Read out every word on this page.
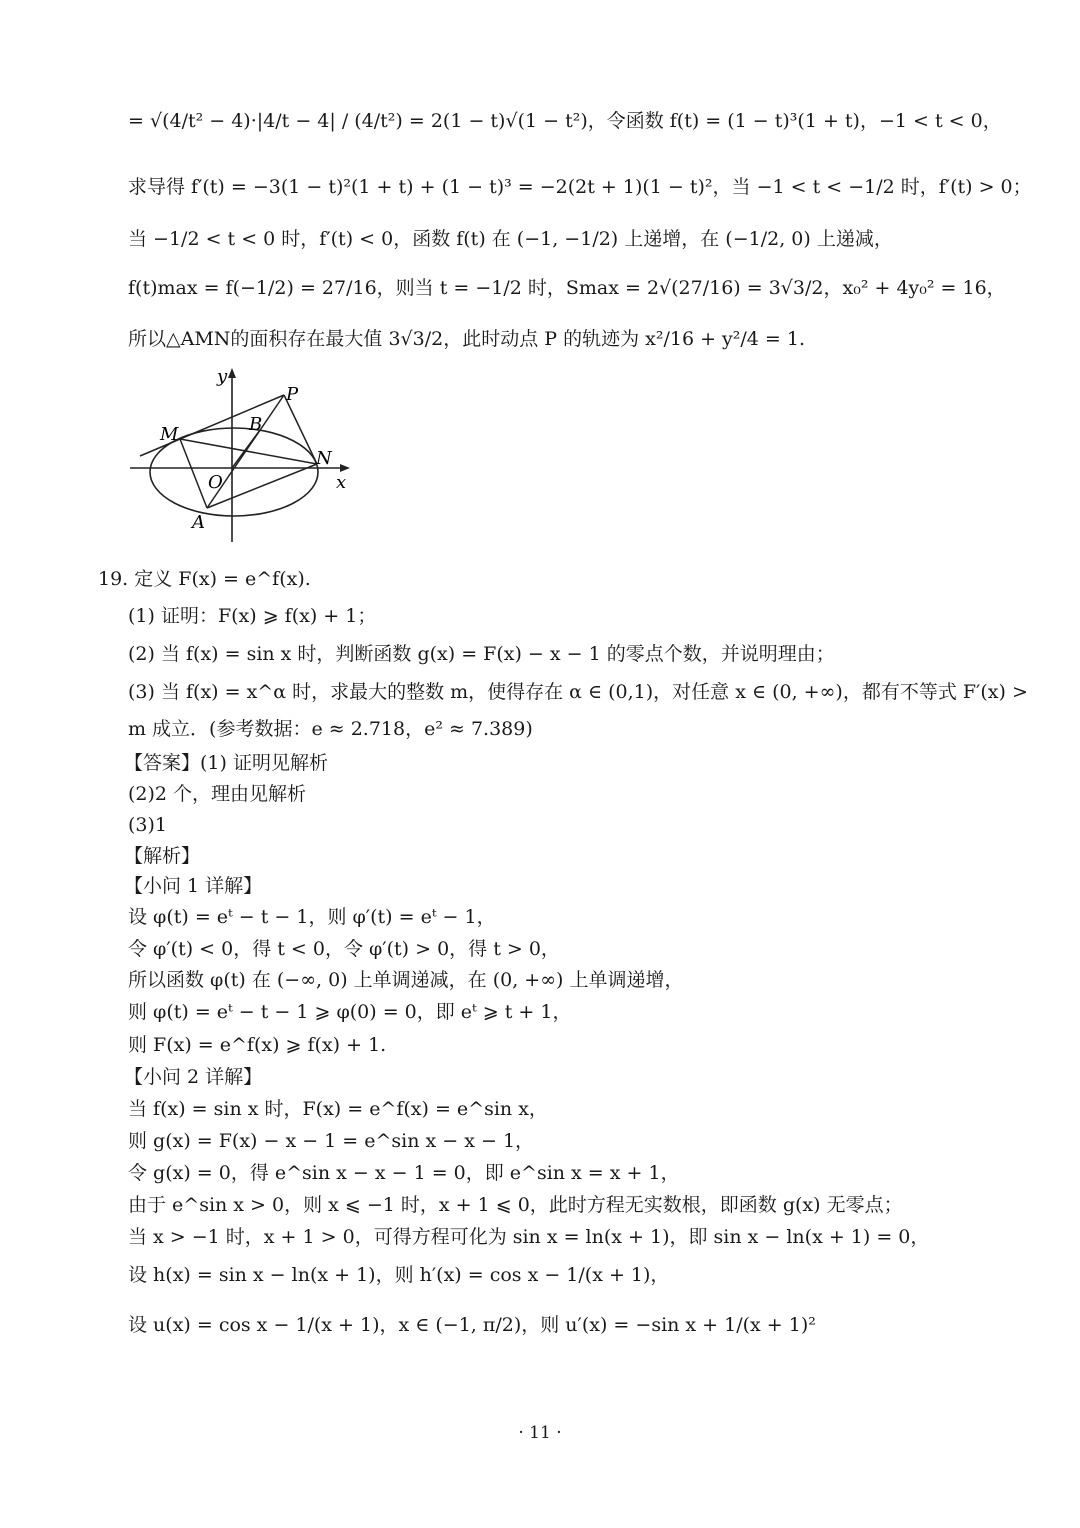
= √(4/t² − 4)·|4/t − 4| / (4/t²) = 2(1 − t)√(1 − t²)，令函数 f(t) = (1 − t)³(1 + t)，−1 < t < 0，
求导得 f′(t) = −3(1 − t)²(1 + t) + (1 − t)³ = −2(2t + 1)(1 − t)²，当 −1 < t < −1/2 时，f′(t) > 0；
当 −1/2 < t < 0 时，f′(t) < 0，函数 f(t) 在 (−1, −1/2) 上递增，在 (−1/2, 0) 上递减，
f(t)max = f(−1/2) = 27/16，则当 t = −1/2 时，Smax = 2√(27/16) = 3√3/2，x₀² + 4y₀² = 16，
所以△AMN的面积存在最大值 3√3/2，此时动点 P 的轨迹为 x²/16 + y²/4 = 1.
y
x
P
B
M
N
O
A
19. 定义 F(x) = e^f(x).
(1) 证明：F(x) ⩾ f(x) + 1；
(2) 当 f(x) = sin x 时，判断函数 g(x) = F(x) − x − 1 的零点个数，并说明理由；
(3) 当 f(x) = x^α 时，求最大的整数 m，使得存在 α ∈ (0,1)，对任意 x ∈ (0, +∞)，都有不等式 F′(x) >
m 成立．(参考数据：e ≈ 2.718，e² ≈ 7.389)
【答案】(1) 证明见解析
(2)2 个，理由见解析
(3)1
【解析】
【小问 1 详解】
设 φ(t) = eᵗ − t − 1，则 φ′(t) = eᵗ − 1，
令 φ′(t) < 0，得 t < 0，令 φ′(t) > 0，得 t > 0，
所以函数 φ(t) 在 (−∞, 0) 上单调递减，在 (0, +∞) 上单调递增，
则 φ(t) = eᵗ − t − 1 ⩾ φ(0) = 0，即 eᵗ ⩾ t + 1，
则 F(x) = e^f(x) ⩾ f(x) + 1.
【小问 2 详解】
当 f(x) = sin x 时，F(x) = e^f(x) = e^sin x，
则 g(x) = F(x) − x − 1 = e^sin x − x − 1，
令 g(x) = 0，得 e^sin x − x − 1 = 0，即 e^sin x = x + 1，
由于 e^sin x > 0，则 x ⩽ −1 时，x + 1 ⩽ 0，此时方程无实数根，即函数 g(x) 无零点；
当 x > −1 时，x + 1 > 0，可得方程可化为 sin x = ln(x + 1)，即 sin x − ln(x + 1) = 0，
设 h(x) = sin x − ln(x + 1)，则 h′(x) = cos x − 1/(x + 1)，
设 u(x) = cos x − 1/(x + 1)，x ∈ (−1, π/2)，则 u′(x) = −sin x + 1/(x + 1)²
· 11 ·
